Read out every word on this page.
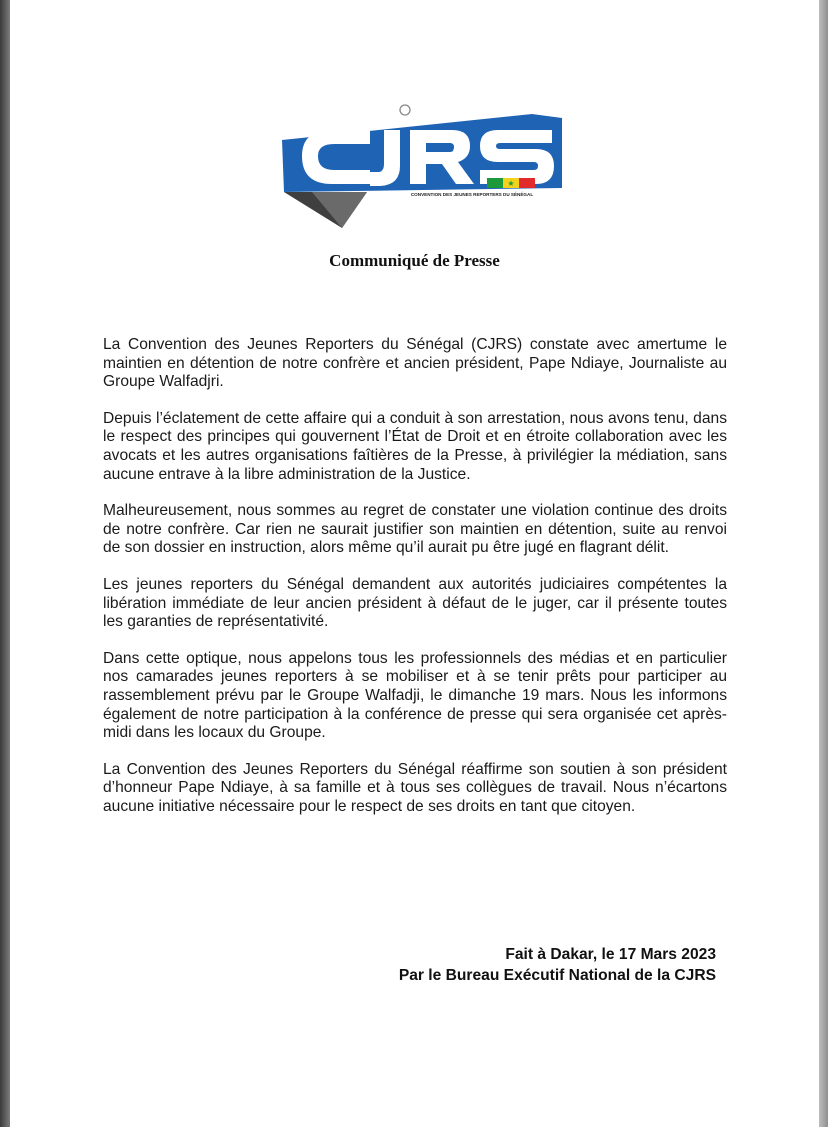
★
CONVENTION DES JEUNES REPORTERS DU SÉNÉGAL
Communiqué de Presse

La Convention des Jeunes Reporters du Sénégal (CJRS) constate avec amertume le maintien en détention de notre confrère et ancien président, Pape Ndiaye, Journaliste au Groupe Walfadjri.

Depuis l’éclatement de cette affaire qui a conduit à son arrestation, nous avons tenu, dans le respect des principes qui gouvernent l’État de Droit et en étroite collaboration avec les avocats et les autres organisations faîtières de la Presse, à privilégier la médiation, sans aucune entrave à la libre administration de la Justice.

Malheureusement, nous sommes au regret de constater une violation continue des droits de notre confrère. Car rien ne saurait justifier son maintien en détention, suite au renvoi de son dossier en instruction, alors même qu’il aurait pu être jugé en flagrant délit.

Les jeunes reporters du Sénégal demandent aux autorités judiciaires compétentes la libération immédiate de leur ancien président à défaut de le juger, car il présente toutes les garanties de représentativité.

Dans cette optique, nous appelons tous les professionnels des médias et en particulier nos camarades jeunes reporters à se mobiliser et à se tenir prêts pour participer au rassemblement prévu par le Groupe Walfadji, le dimanche 19 mars. Nous les informons également de notre participation à la conférence de presse qui sera organisée cet après-midi dans les locaux du Groupe.

La Convention des Jeunes Reporters du Sénégal réaffirme son soutien à son président d’honneur Pape Ndiaye, à sa famille et à tous ses collègues de travail. Nous n’écartons aucune initiative nécessaire pour le respect de ses droits en tant que citoyen.

Fait à Dakar, le 17 Mars 2023
Par le Bureau Exécutif National de la CJRS
